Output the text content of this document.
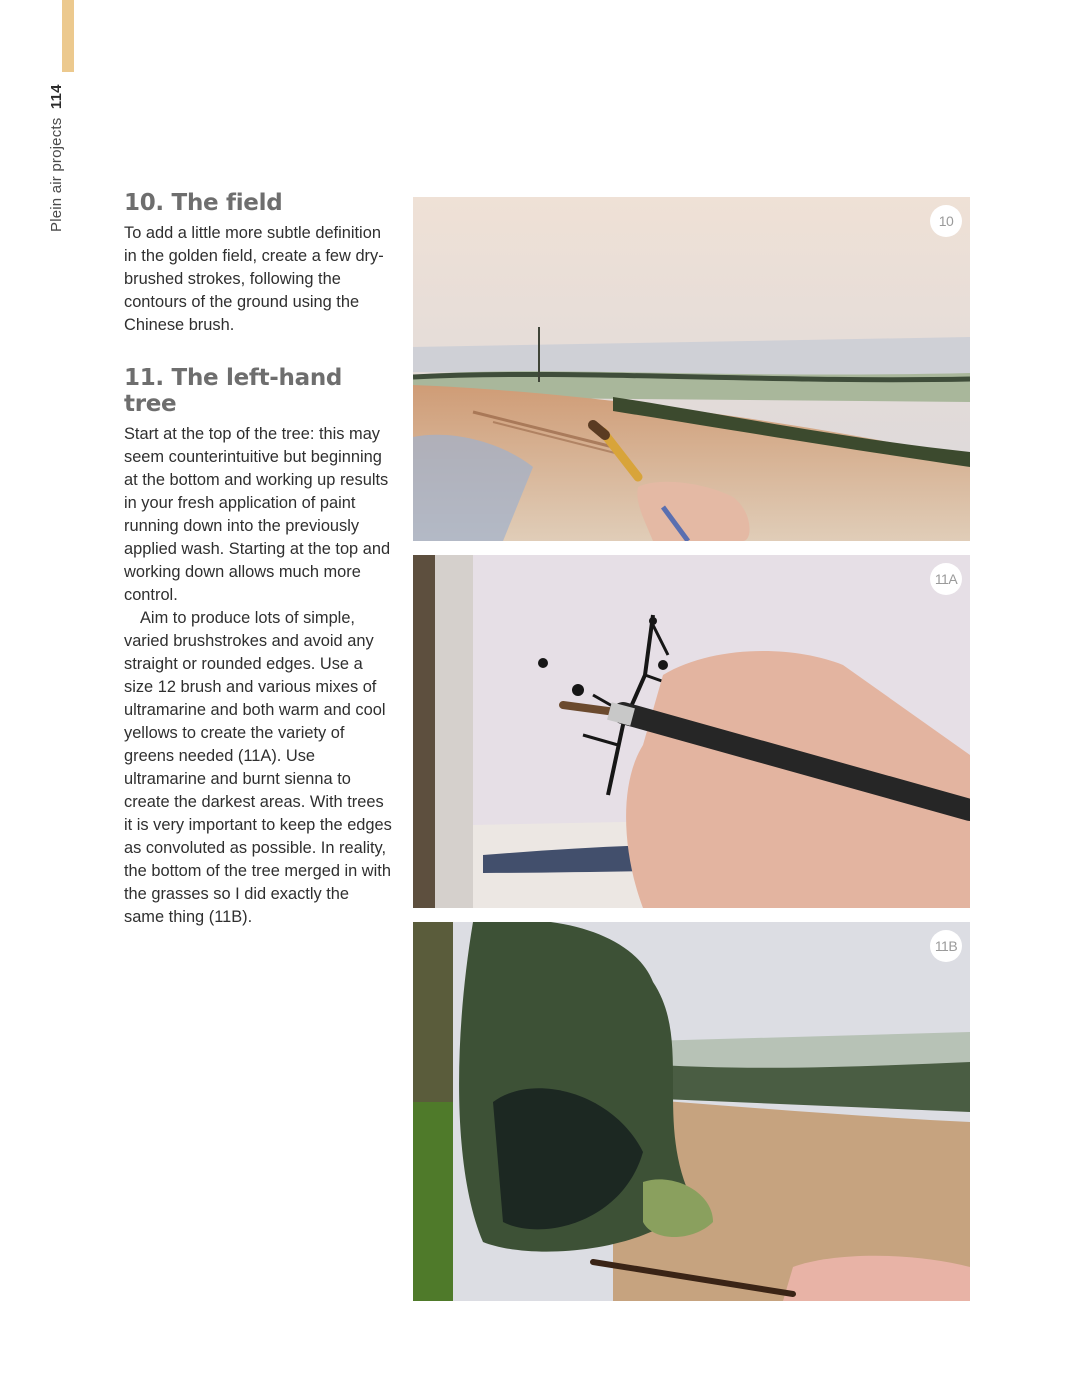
Plein air projects 114
10. The field

To add a little more subtle definition in the golden field, create a few dry-brushed strokes, following the contours of the ground using the Chinese brush.

11. The left-hand tree

Start at the top of the tree: this may seem counterintuitive but beginning at the bottom and working up results in your fresh application of paint running down into the previously applied wash. Starting at the top and working down allows much more control.

Aim to produce lots of simple, varied brushstrokes and avoid any straight or rounded edges. Use a size 12 brush and various mixes of ultramarine and both warm and cool yellows to create the variety of greens needed (11A). Use ultramarine and burnt sienna to create the darkest areas. With trees it is very important to keep the edges as convoluted as possible. In reality, the bottom of the tree merged in with the grasses so I did exactly the same thing (11B).

10
11A
11B
